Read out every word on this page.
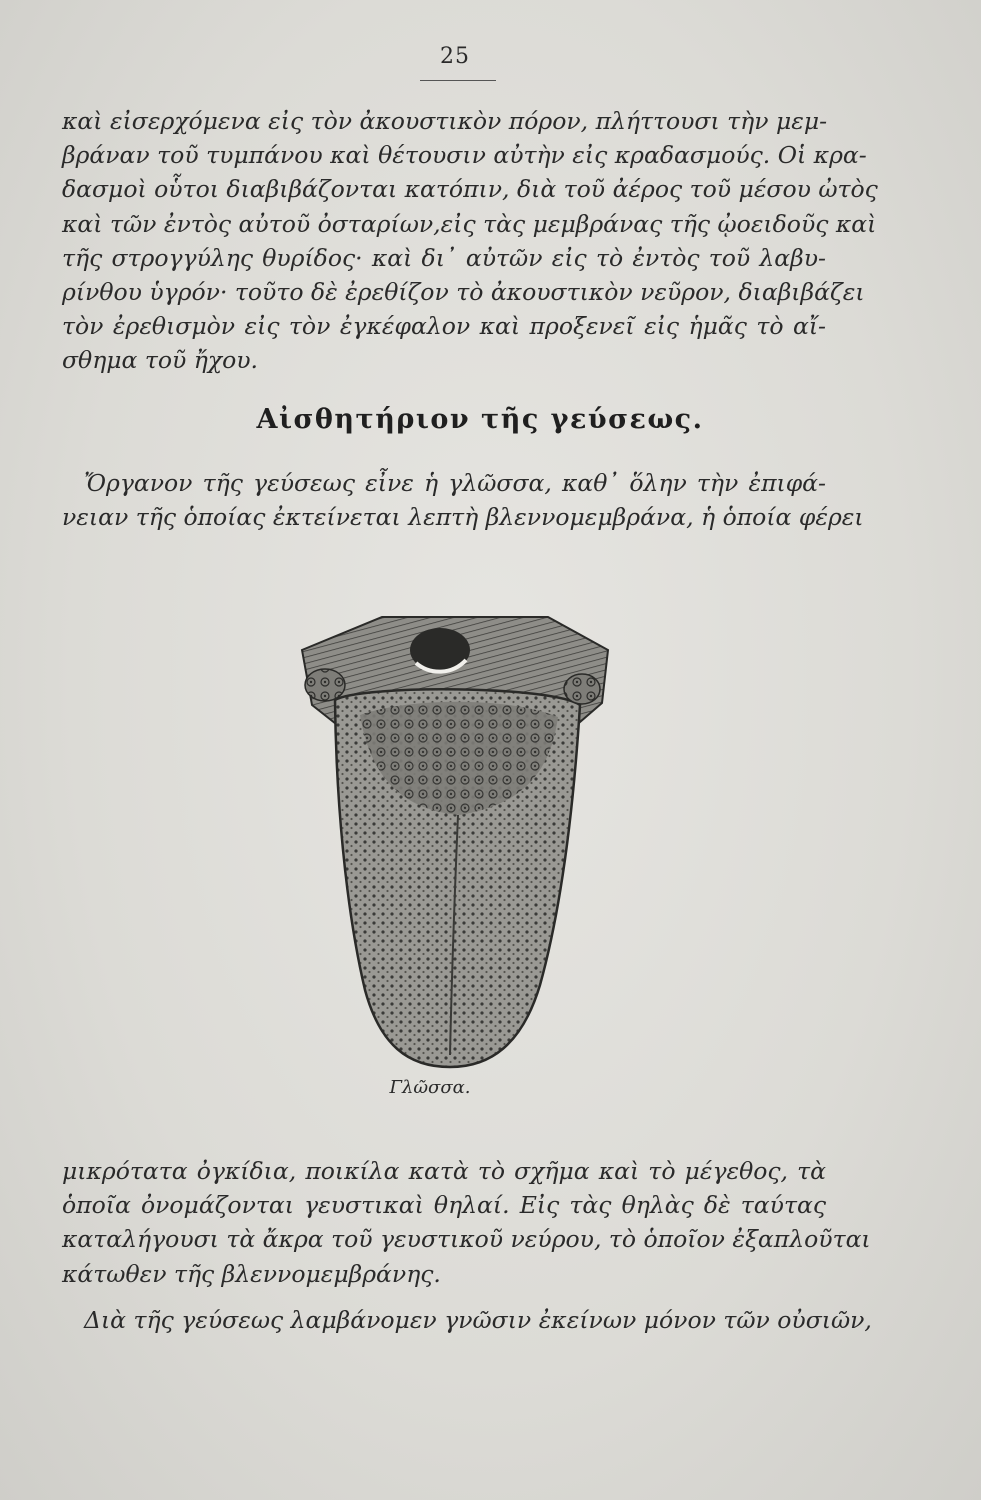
25
καὶ εἰσερχόμενα εἰς τὸν ἀκουστικὸν πόρον, πλήττουσι τὴν μεμ-
βράναν τοῦ τυμπάνου καὶ θέτουσιν αὐτὴν εἰς κραδασμούς. Οἱ κρα-
δασμοὶ οὗτοι διαβιβάζονται κατόπιν, διὰ τοῦ ἀέρος τοῦ μέσου ὠτὸς
καὶ τῶν ἐντὸς αὐτοῦ ὀσταρίων,εἰς τὰς μεμβράνας τῆς ᾠοειδοῦς καὶ
τῆς στρογγύλης θυρίδος· καὶ δι᾽ αὐτῶν εἰς τὸ ἐντὸς τοῦ λαβυ-
ρίνθου ὑγρόν· τοῦτο δὲ ἐρεθίζον τὸ ἀκουστικὸν νεῦρον, διαβιβάζει
τὸν ἐρεθισμὸν εἰς τὸν ἐγκέφαλον καὶ προξενεῖ εἰς ἡμᾶς τὸ αἴ-
σθημα τοῦ ἤχου.
Αἰσθητήριον τῆς γεύσεως.
Ὄργανον τῆς γεύσεως εἶνε ἡ γλῶσσα, καθ᾽ ὅλην τὴν ἐπιφά-
νειαν τῆς ὁποίας ἐκτείνεται λεπτὴ βλεννομεμβράνα, ἡ ὁποία φέρει
Γλῶσσα.
μικρότατα ὀγκίδια, ποικίλα κατὰ τὸ σχῆμα καὶ τὸ μέγεθος, τὰ
ὁποῖα ὀνομάζονται γευστικαὶ θηλαί. Εἰς τὰς θηλὰς δὲ ταύτας
καταλήγουσι τὰ ἄκρα τοῦ γευστικοῦ νεύρου, τὸ ὁποῖον ἐξαπλοῦται
κάτωθεν τῆς βλεννομεμβράνης.
Διὰ τῆς γεύσεως λαμβάνομεν γνῶσιν ἐκείνων μόνον τῶν οὐσιῶν,
